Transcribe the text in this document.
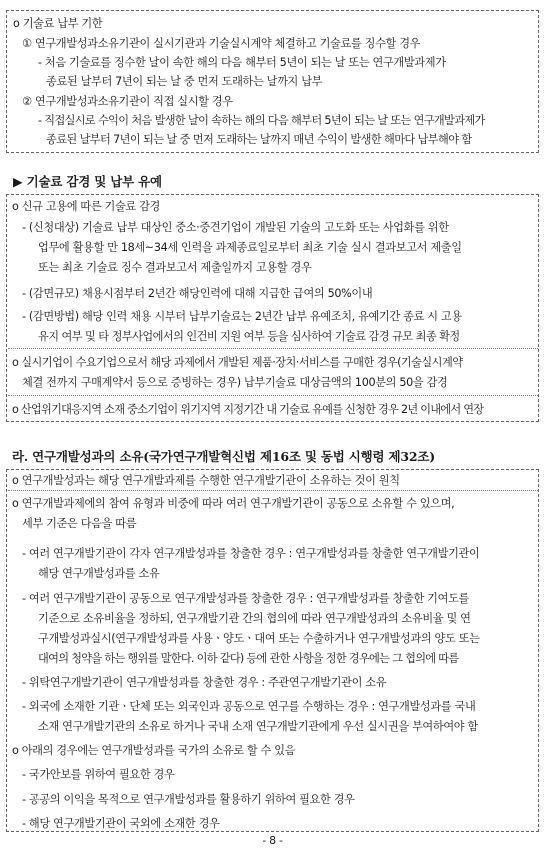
o 기술료 납부 기한
① 연구개발성과소유기관이 실시기관과 기술실시계약 체결하고 기술료를 징수할 경우
- 처음 기술료를 징수한 날이 속한 해의 다음 해부터 5년이 되는 날 또는 연구개발과제가
종료된 날부터 7년이 되는 날 중 먼저 도래하는 날까지 납부
② 연구개발성과소유기관이 직접 실시할 경우
- 직접실시로 수익이 처음 발생한 날이 속하는 해의 다음 해부터 5년이 되는 날 또는 연구개발과제가
종료된 날부터 7년이 되는 날 중 먼저 도래하는 날까지 매년 수익이 발생한 해마다 납부해야 함
▶ 기술료 감경 및 납부 유예
o 신규 고용에 따른 기술료 감경
- (신청대상) 기술료 납부 대상인 중소·중견기업이 개발된 기술의 고도화 또는 사업화를 위한
업무에 활용할 만 18세~34세 인력을 과제종료일로부터 최초 기술 실시 결과보고서 제출일
또는 최초 기술료 징수 결과보고서 제출일까지 고용할 경우
- (감면규모) 채용시점부터 2년간 해당인력에 대해 지급한 급여의 50%이내
- (감면방법) 해당 인력 채용 시부터 납부기술료는 2년간 납부 유예조치, 유예기간 종료 시 고용
유지 여부 및 타 정부사업에서의 인건비 지원 여부 등을 심사하여 기술료 감경 규모 최종 확정
o 실시기업이 수요기업으로서 해당 과제에서 개발된 제품·장치·서비스를 구매한 경우(기술실시계약
체결 전까지 구매계약서 등으로 증빙하는 경우) 납부기술료 대상금액의 100분의 50을 감경
o 산업위기대응지역 소재 중소기업이 위기지역 지정기간 내 기술료 유예를 신청한 경우 2년 이내에서 연장
라. 연구개발성과의 소유(국가연구개발혁신법 제16조 및 동법 시행령 제32조)
o 연구개발성과는 해당 연구개발과제를 수행한 연구개발기관이 소유하는 것이 원칙
o 연구개발과제에의 참여 유형과 비중에 따라 여러 연구개발기관이 공동으로 소유할 수 있으며,
세부 기준은 다음을 따름
- 여러 연구개발기관이 각자 연구개발성과를 창출한 경우 : 연구개발성과를 창출한 연구개발기관이
해당 연구개발성과를 소유
- 여러 연구개발기관이 공동으로 연구개발성과를 창출한 경우 : 연구개발성과를 창출한 기여도를
기준으로 소유비율을 정하되, 연구개발기관 간의 협의에 따라 연구개발성과의 소유비율 및 연
구개발성과실시(연구개발성과를 사용ㆍ양도ㆍ대여 또는 수출하거나 연구개발성과의 양도 또는
대여의 청약을 하는 행위를 말한다. 이하 같다) 등에 관한 사항을 정한 경우에는 그 협의에 따름
- 위탁연구개발기관이 연구개발성과를 창출한 경우 : 주관연구개발기관이 소유
- 외국에 소재한 기관ㆍ단체 또는 외국인과 공동으로 연구를 수행하는 경우 : 연구개발성과를 국내
소재 연구개발기관의 소유로 하거나 국내 소재 연구개발기관에게 우선 실시권을 부여하여야 함
o 아래의 경우에는 연구개발성과를 국가의 소유로 할 수 있음
- 국가안보를 위하여 필요한 경우
- 공공의 이익을 목적으로 연구개발성과를 활용하기 위하여 필요한 경우
- 해당 연구개발기관이 국외에 소재한 경우
- 8 -
